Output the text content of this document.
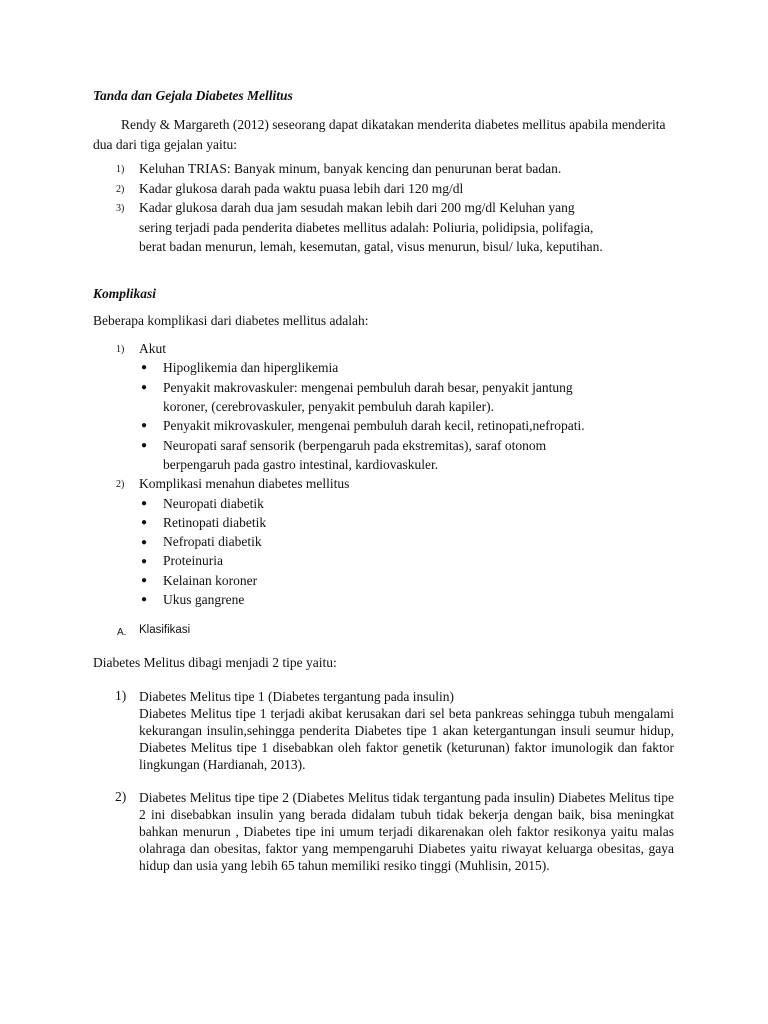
Tanda dan Gejala Diabetes Mellitus
Rendy & Margareth (2012) seseorang dapat dikatakan menderita diabetes mellitus apabila menderita dua dari tiga gejalan yaitu:
1) Keluhan TRIAS: Banyak minum, banyak kencing dan penurunan berat badan.
2) Kadar glukosa darah pada waktu puasa lebih dari 120 mg/dl
3) Kadar glukosa darah dua jam sesudah makan lebih dari 200 mg/dl Keluhan yang
sering terjadi pada penderita diabetes mellitus adalah: Poliuria, polidipsia, polifagia,
berat badan menurun, lemah, kesemutan, gatal, visus menurun, bisul/ luka, keputihan.
Komplikasi
Beberapa komplikasi dari diabetes mellitus adalah:
1) Akut
● Hipoglikemia dan hiperglikemia
● Penyakit makrovaskuler: mengenai pembuluh darah besar, penyakit jantung
koroner, (cerebrovaskuler, penyakit pembuluh darah kapiler).
● Penyakit mikrovaskuler, mengenai pembuluh darah kecil, retinopati,nefropati.
● Neuropati saraf sensorik (berpengaruh pada ekstremitas), saraf otonom
berpengaruh pada gastro intestinal, kardiovaskuler.
2) Komplikasi menahun diabetes mellitus
● Neuropati diabetik
● Retinopati diabetik
● Nefropati diabetik
● Proteinuria
● Kelainan koroner
● Ukus gangrene
A. Klasifikasi
Diabetes Melitus dibagi menjadi 2 tipe yaitu:
1) Diabetes Melitus tipe 1 (Diabetes tergantung pada insulin)
Diabetes Melitus tipe 1 terjadi akibat kerusakan dari sel beta pankreas sehingga tubuh mengalami kekurangan insulin,sehingga penderita Diabetes tipe 1 akan ketergantungan insuli seumur hidup, Diabetes Melitus tipe 1 disebabkan oleh faktor genetik (keturunan) faktor imunologik dan faktor lingkungan (Hardianah, 2013).
2) Diabetes Melitus tipe tipe 2 (Diabetes Melitus tidak tergantung pada insulin) Diabetes Melitus tipe 2 ini disebabkan insulin yang berada didalam tubuh tidak bekerja dengan baik, bisa meningkat bahkan menurun , Diabetes tipe ini umum terjadi dikarenakan oleh faktor resikonya yaitu malas olahraga dan obesitas, faktor yang mempengaruhi Diabetes yaitu riwayat keluarga obesitas, gaya hidup dan usia yang lebih 65 tahun memiliki resiko tinggi (Muhlisin, 2015).
